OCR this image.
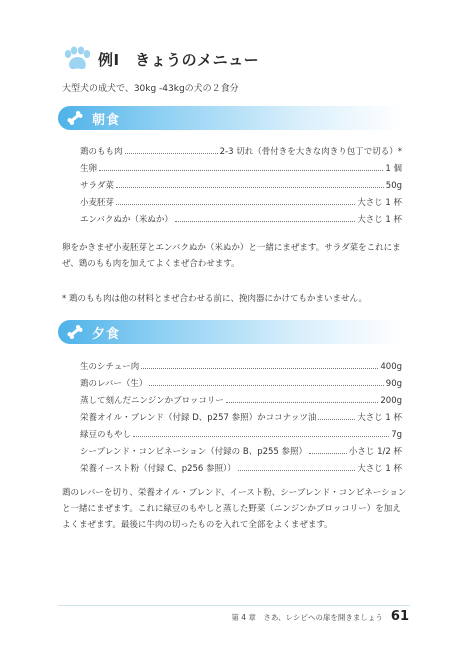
例Ⅰ　きょうのメニュー
大型犬の成犬で、30kg -43kgの犬の２食分
朝食
鶏のもも肉	2-3 切れ（骨付きを大きな肉きり包丁で切る）*
生卵	1 個
サラダ菜	50g
小麦胚芽	大さじ 1 杯
エンバクぬか（米ぬか）	大さじ 1 杯
卵をかきまぜ小麦胚芽とエンバクぬか（米ぬか）と一緒にまぜます。サラダ菜をこれにまぜ、鶏のもも肉を加えてよくまぜ合わせます。
* 鶏のもも肉は他の材料とまぜ合わせる前に、挽肉器にかけてもかまいません。
夕食
生のシチュー肉	400g
鶏のレバー（生）	90g
蒸して刻んだニンジンかブロッコリー	200g
栄養オイル・ブレンド（付録 D、p257 参照）かココナッツ油	大さじ 1 杯
緑豆のもやし	7g
シーブレンド・コンビネーション（付録の B、p255 参照）	小さじ 1/2 杯
栄養イースト粉（付録 C、p256 参照））	大さじ 1 杯
鶏のレバーを切り、栄養オイル・ブレンド、イースト粉、シーブレンド・コンビネーションと一緒にまぜます。これに緑豆のもやしと蒸した野菜（ニンジンかブロッコリー）を加えよくまぜます。最後に牛肉の切ったものを入れて全部をよくまぜます。
第 4 章　さあ、レシピへの扉を開きましょう 61
